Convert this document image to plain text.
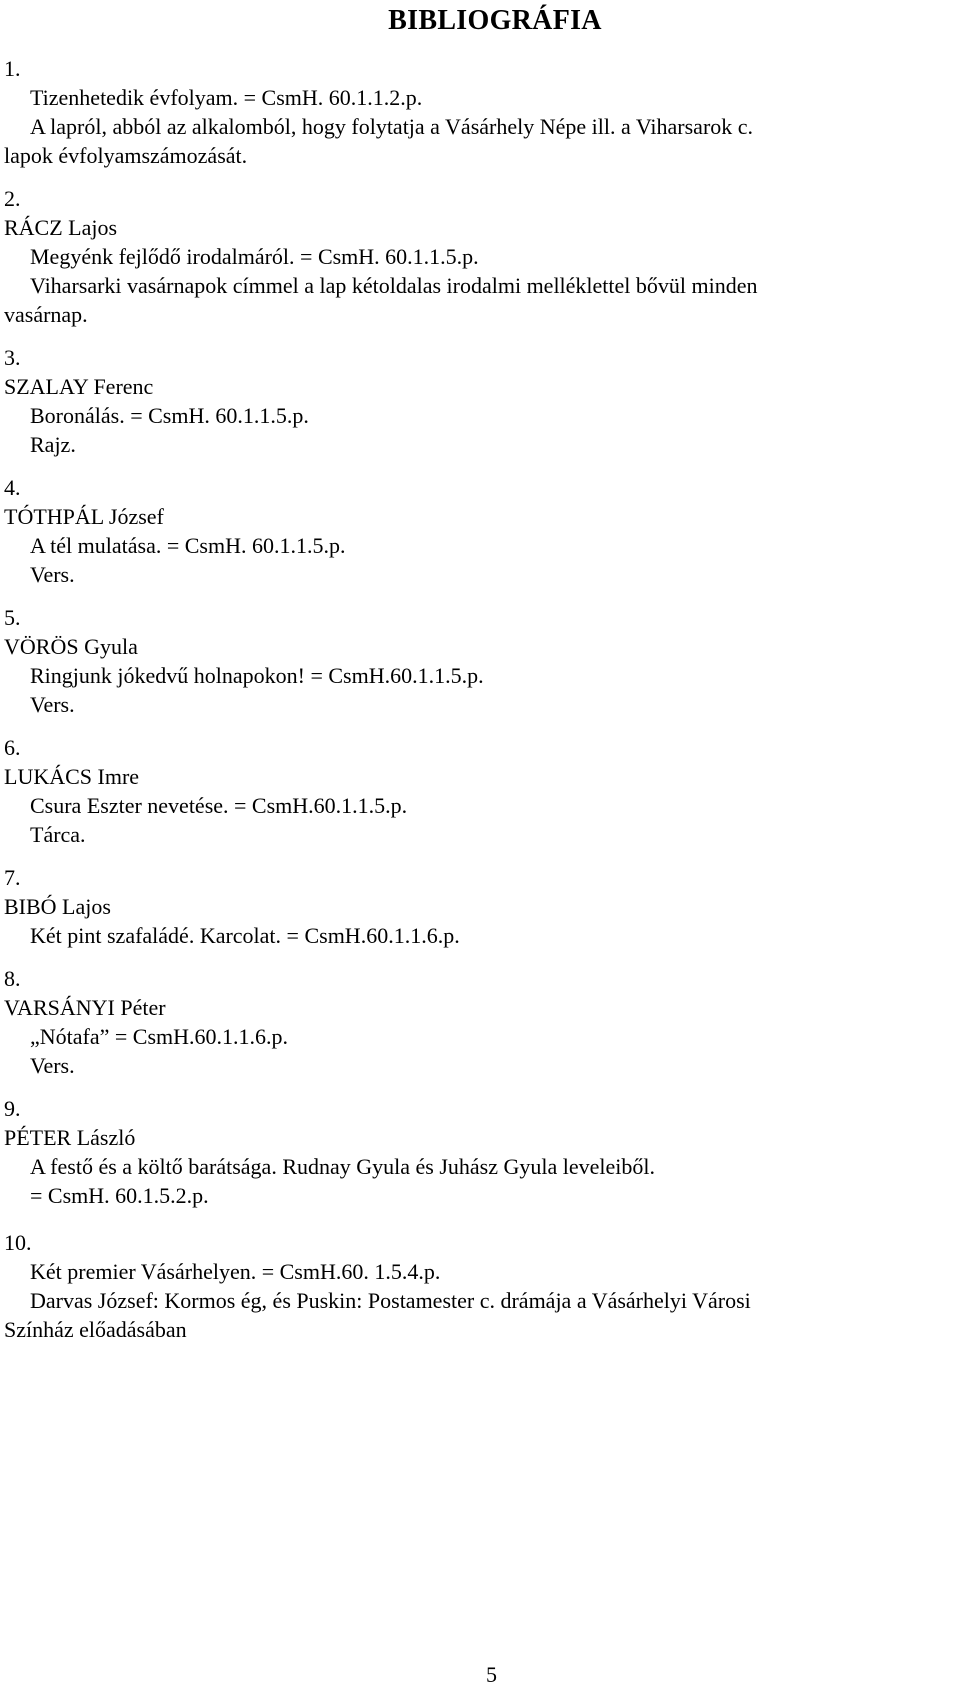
BIBLIOGRÁFIA
1.
Tizenhetedik évfolyam. = CsmH. 60.1.1.2.p.
A lapról, abból az alkalomból, hogy folytatja a Vásárhely Népe ill. a Viharsarok c.
lapok évfolyamszámozását.
2.
RÁCZ Lajos
Megyénk fejlődő irodalmáról. = CsmH. 60.1.1.5.p.
Viharsarki vasárnapok címmel a lap kétoldalas irodalmi melléklettel bővül minden
vasárnap.
3.
SZALAY Ferenc
Boronálás. = CsmH. 60.1.1.5.p.
Rajz.
4.
TÓTHPÁL József
A tél mulatása. = CsmH. 60.1.1.5.p.
Vers.
5.
VÖRÖS Gyula
Ringjunk jókedvű holnapokon! = CsmH.60.1.1.5.p.
Vers.
6.
LUKÁCS Imre
Csura Eszter nevetése. = CsmH.60.1.1.5.p.
Tárca.
7.
BIBÓ Lajos
Két pint szafaládé. Karcolat. = CsmH.60.1.1.6.p.
8.
VARSÁNYI Péter
„Nótafa” = CsmH.60.1.1.6.p.
Vers.
9.
PÉTER László
A festő és a költő barátsága. Rudnay Gyula és Juhász Gyula leveleiből.
= CsmH. 60.1.5.2.p.
10.
Két premier Vásárhelyen. = CsmH.60. 1.5.4.p.
Darvas József: Kormos ég, és Puskin: Postamester c. drámája a Vásárhelyi Városi
Színház előadásában
5
